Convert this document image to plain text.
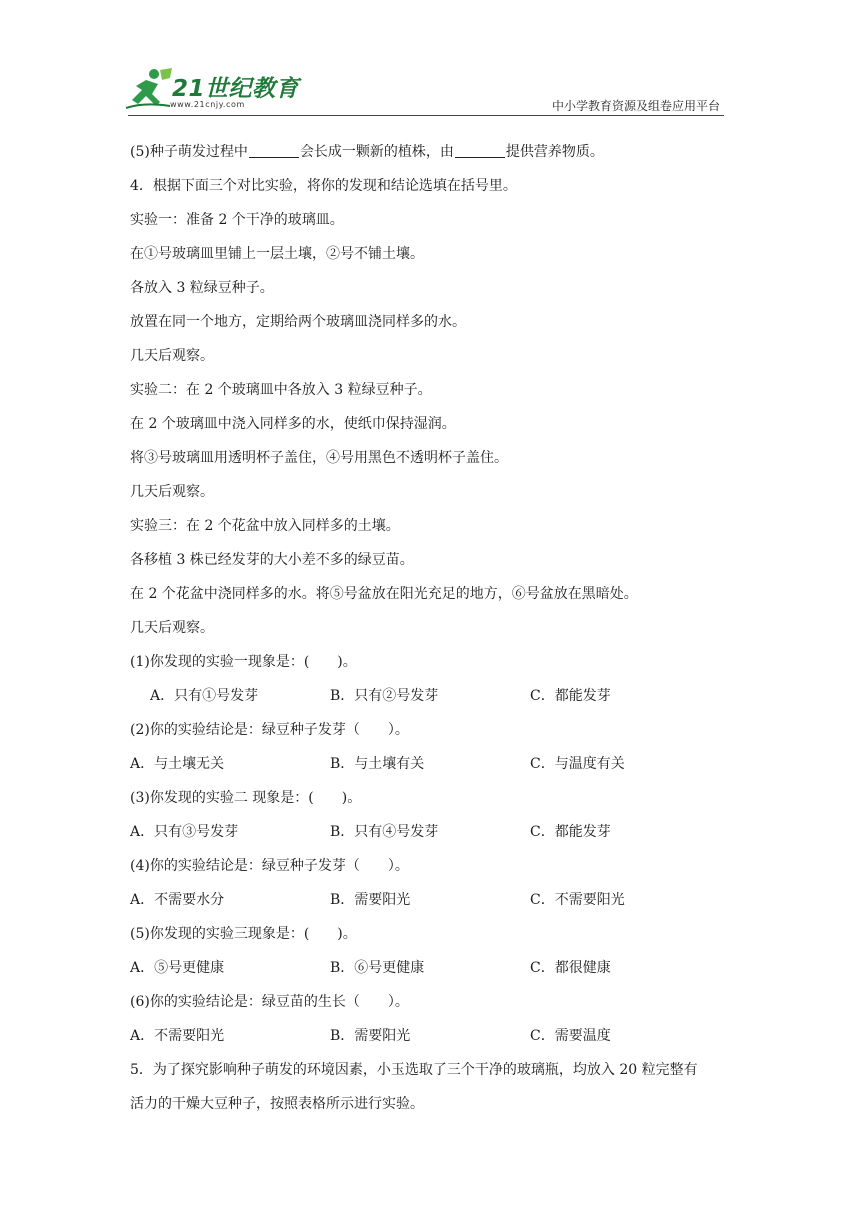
21世纪教育
www.21cnjy.com	中小学教育资源及组卷应用平台
(5)种子萌发过程中	会长成一颗新的植株，由	提供营养物质。
4．根据下面三个对比实验，将你的发现和结论选填在括号里。
实验一：准备 2 个干净的玻璃皿。
在①号玻璃皿里铺上一层土壤，②号不铺土壤。
各放入 3 粒绿豆种子。
放置在同一个地方，定期给两个玻璃皿浇同样多的水。
几天后观察。
实验二：在 2 个玻璃皿中各放入 3 粒绿豆种子。
在 2 个玻璃皿中浇入同样多的水，使纸巾保持湿润。
将③号玻璃皿用透明杯子盖住，④号用黑色不透明杯子盖住。
几天后观察。
实验三：在 2 个花盆中放入同样多的土壤。
各移植 3 株已经发芽的大小差不多的绿豆苗。
在 2 个花盆中浇同样多的水。将⑤号盆放在阳光充足的地方，⑥号盆放在黑暗处。
几天后观察。
(1)你发现的实验一现象是：(　　)。
A．只有①号发芽	B．只有②号发芽	C．都能发芽
(2)你的实验结论是：绿豆种子发芽（　　）。
A．与土壤无关	B．与土壤有关	C．与温度有关
(3)你发现的实验二 现象是：(　　)。
A．只有③号发芽	B．只有④号发芽	C．都能发芽
(4)你的实验结论是：绿豆种子发芽（　　）。
A．不需要水分	B．需要阳光	C．不需要阳光
(5)你发现的实验三现象是：(　　)。
A．⑤号更健康	B．⑥号更健康	C．都很健康
(6)你的实验结论是：绿豆苗的生长（　　）。
A．不需要阳光	B．需要阳光	C．需要温度
5．为了探究影响种子萌发的环境因素，小玉选取了三个干净的玻璃瓶，均放入 20 粒完整有
活力的干燥大豆种子，按照表格所示进行实验。
